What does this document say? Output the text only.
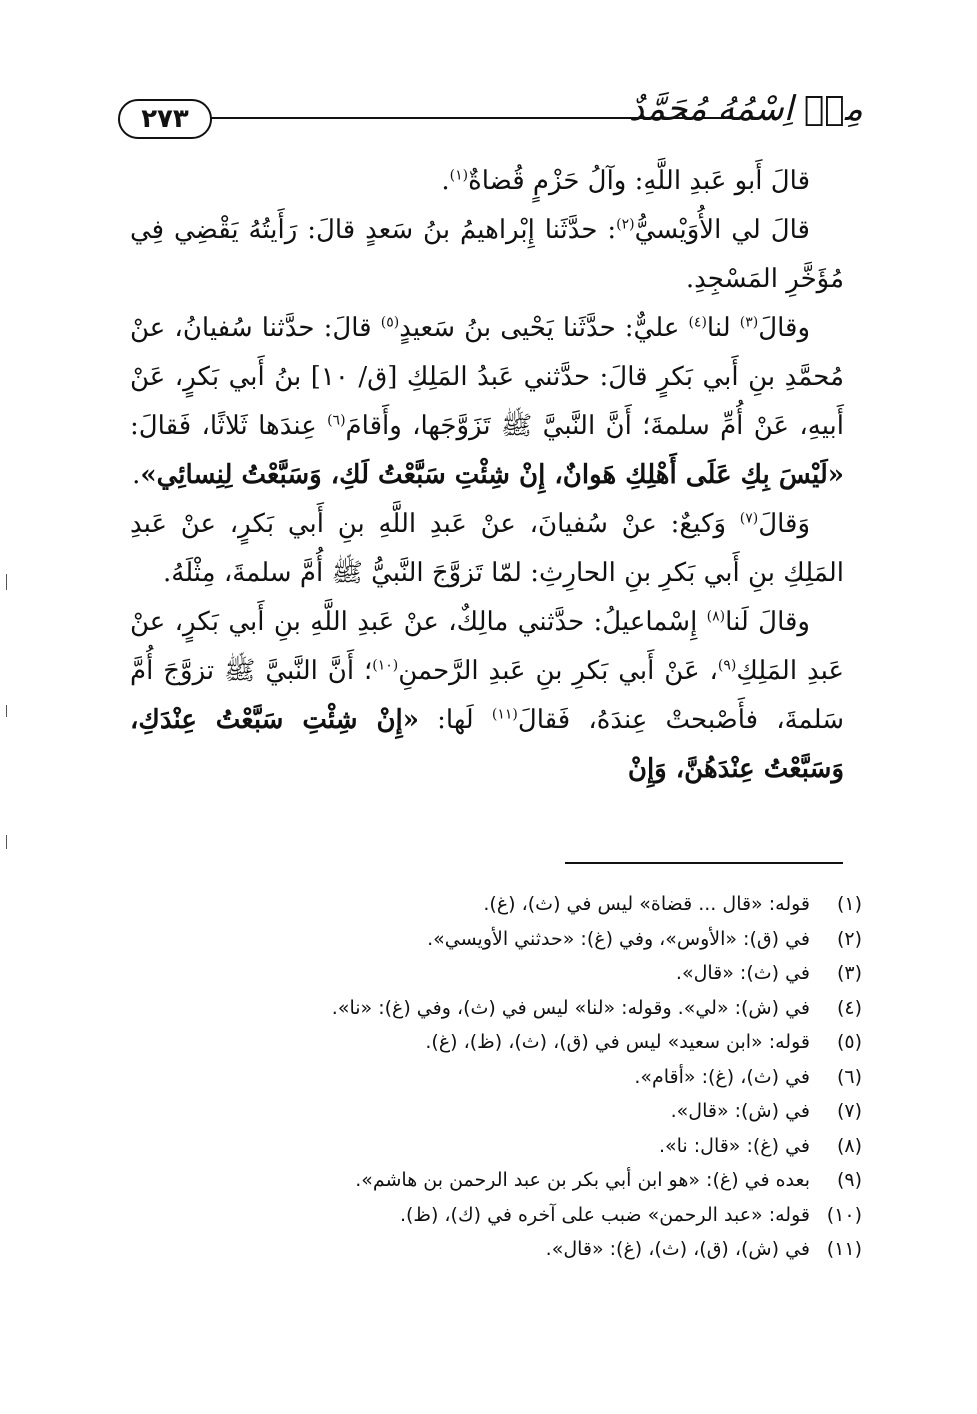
٢٧٣	مِنۡ اِسْمُهُ مُحَمَّدٌ

قالَ أَبو عَبدِ اللَّهِ: وآلُ حَزْمٍ قُضاةٌ$^{(١)}$.

قالَ لي الأُوَيْسيُّ$^{(٢)}$: حدَّثَنا إِبْراهيمُ بنُ سَعدٍ قالَ: رَأَيتُهُ يَقْضِي فِي مُؤَخَّرِ المَسْجِدِ.

وقالَ$^{(٣)}$ لنا$^{(٤)}$ عليٌّ: حدَّثَنا يَحْيى بنُ سَعيدٍ$^{(٥)}$ قالَ: حدَّثنا سُفيانُ، عنْ مُحمَّدِ بنِ أَبي بَكرٍ قالَ: حدَّثني عَبدُ المَلِكِ [ق/ ١٠] بنُ أَبي بَكرٍ، عَنْ أَبيهِ، عَنْ أُمِّ سلمةَ؛ أَنَّ النَّبيَّ ﷺ تَزَوَّجَها، وأَقامَ$^{(٦)}$ عِندَها ثَلاثًا، فَقالَ: «لَيْسَ بِكِ عَلَى أَهْلِكِ هَوانٌ، إِنْ شِئْتِ سَبَّعْتُ لَكِ، وَسَبَّعْتُ لِنِسائِي».

وَقالَ$^{(٧)}$ وَكيعٌ: عنْ سُفيانَ، عنْ عَبدِ اللَّهِ بنِ أَبي بَكرٍ، عنْ عَبدِ المَلِكِ بنِ أَبي بَكرِ بنِ الحارِثِ: لمّا تَزوَّجَ النَّبيُّ ﷺ أُمَّ سلمةَ، مِثْلَهُ.

وقالَ لَنا$^{(٨)}$ إِسْماعيلُ: حدَّثني مالِكٌ، عنْ عَبدِ اللَّهِ بنِ أَبي بَكرٍ، عنْ عَبدِ المَلِكِ$^{(٩)}$، عَنْ أَبي بَكرِ بنِ عَبدِ الرَّحمنِ$^{(١٠)}$؛ أَنَّ النَّبيَّ ﷺ تزوَّجَ أُمَّ سَلمةَ، فأَصْبحتْ عِندَهُ، فَقالَ$^{(١١)}$ لَها: «إِنْ شِئْتِ سَبَّعْتُ عِنْدَكِ، وَسَبَّعْتُ عِنْدَهُنَّ، وَإِنْ

(١)قوله: «قال ... قضاة» ليس في (ث)، (غ).
(٢)في (ق): «الأوس»، وفي (غ): «حدثني الأويسي».
(٣)في (ث): «قال».
(٤)في (ش): «لي». وقوله: «لنا» ليس في (ث)، وفي (غ): «نا».
(٥)قوله: «ابن سعيد» ليس في (ق)، (ث)، (ظ)، (غ).
(٦)في (ث)، (غ): «أقام».
(٧)في (ش): «قال».
(٨)في (غ): «قال: نا».
(٩)بعده في (غ): «هو ابن أبي بكر بن عبد الرحمن بن هاشم».
(١٠)قوله: «عبد الرحمن» ضبب على آخره في (ك)، (ظ).
(١١)في (ش)، (ق)، (ث)، (غ): «قال».
